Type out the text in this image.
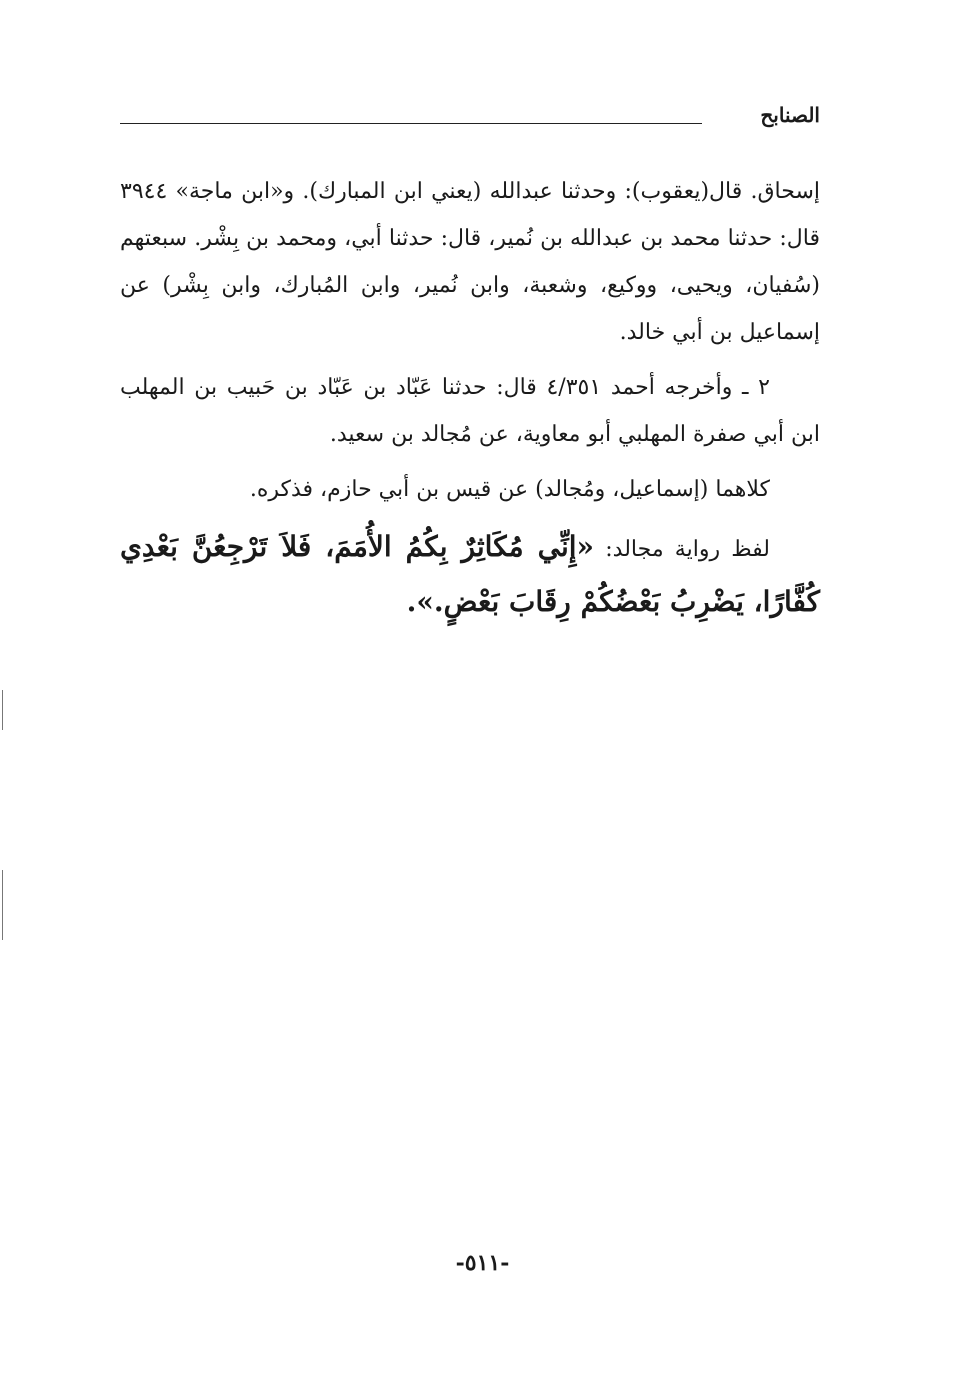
الصنابح

إسحاق. قال(يعقوب): وحدثنا عبدالله (يعني ابن المبارك). و«ابن ماجة» ٣٩٤٤ قال: حدثنا محمد بن عبدالله بن نُمير، قال: حدثنا أبي، ومحمد بن بِشْر. سبعتهم (سُفيان، ويحيى، ووكيع، وشعبة، وابن نُمير، وابن المُبارك، وابن بِشْر) عن إسماعيل بن أبي خالد.

٢ ـ وأخرجه أحمد ٤/٣٥١ قال: حدثنا عَبّاد بن عَبّاد بن حَبيب بن المهلب ابن أبي صفرة المهلبي أبو معاوية، عن مُجالد بن سعيد.

كلاهما (إسماعيل، ومُجالد) عن قيس بن أبي حازم، فذكره.

لفظ رواية مجالد: «إِنِّي مُكَاثِرٌ بِكُمُ الأُمَمَ، فَلاَ تَرْجِعُنَّ بَعْدِي كُفَّارًا، يَضْرِبُ بَعْضُكُمْ رِقَابَ بَعْضٍ.».

-٥١١-
